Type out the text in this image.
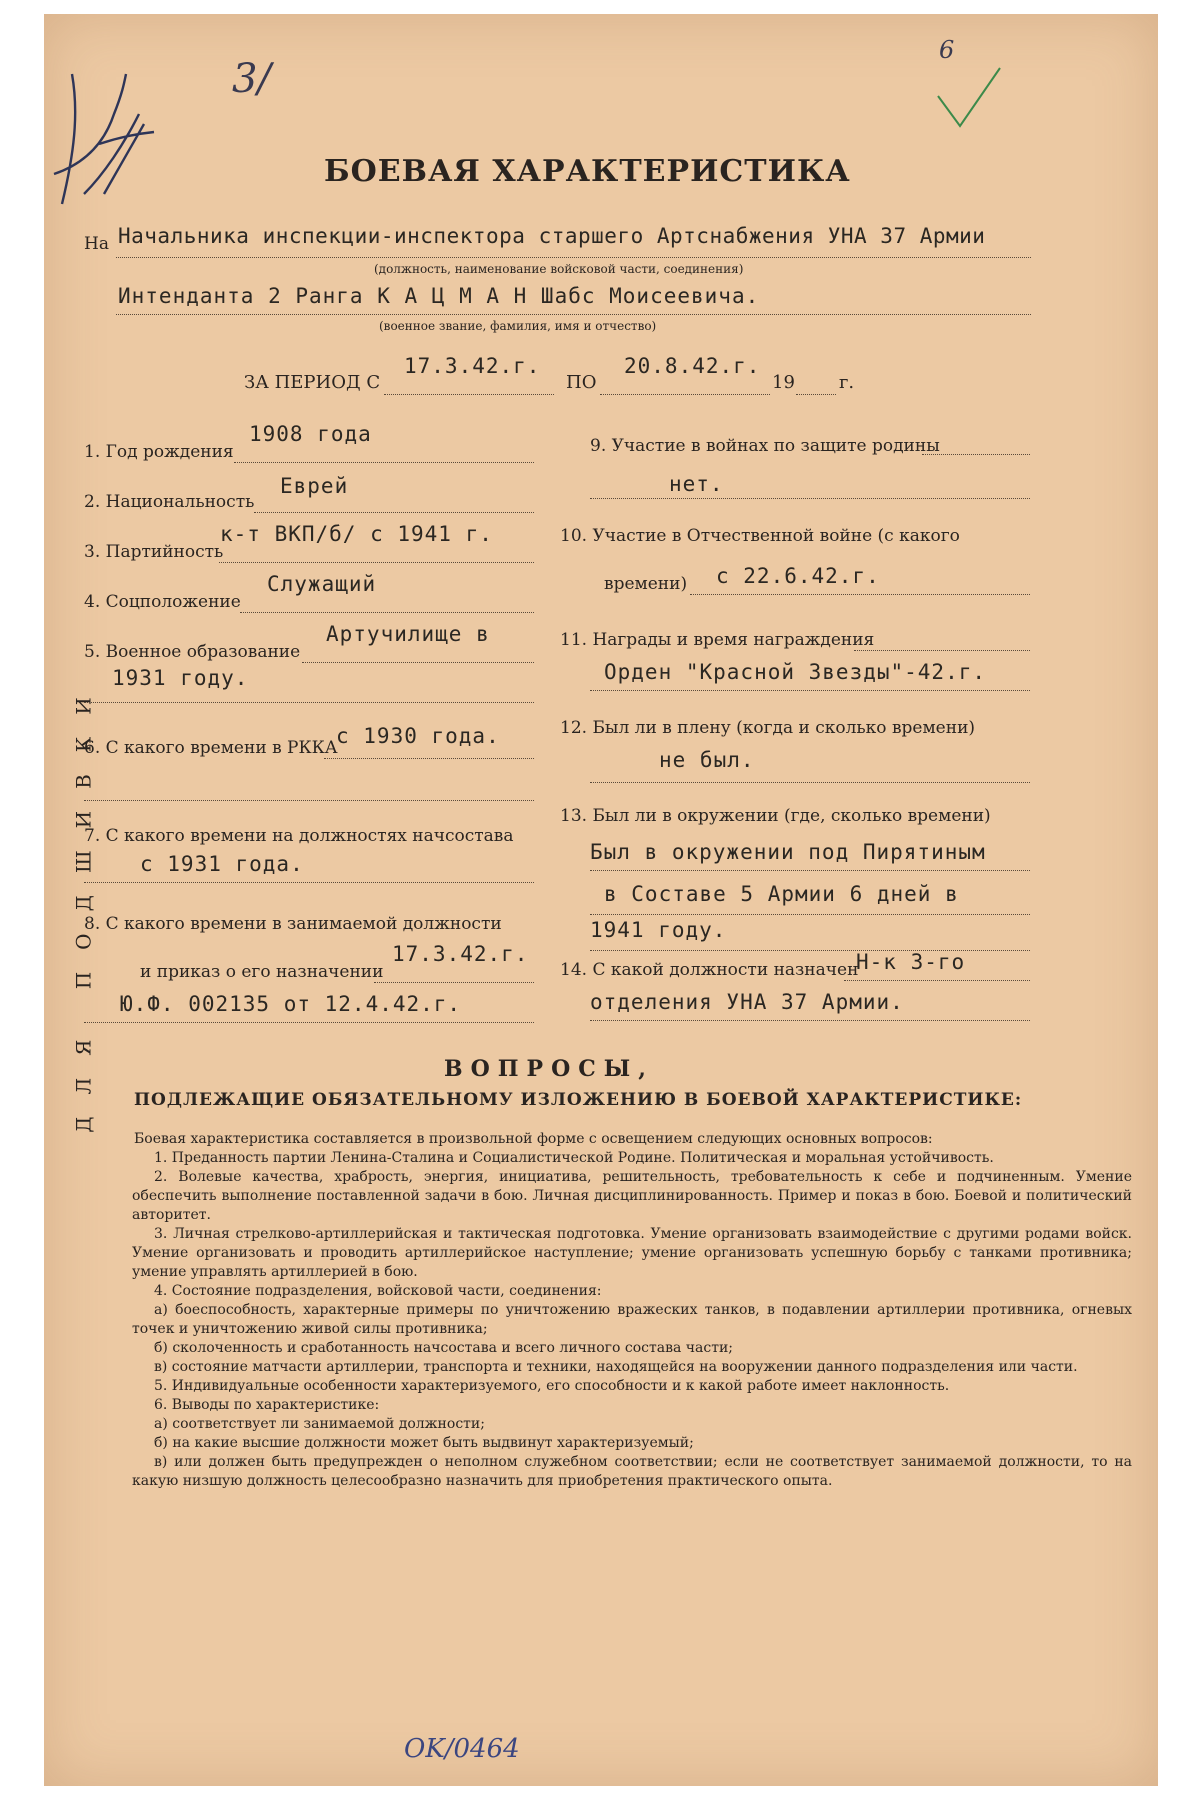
3/
6
БОЕВАЯ ХАРАКТЕРИСТИКА
На Начальника инспекции-инспектора старшего Артснабжения УНА 37 Армии
(должность, наименование войсковой части, соединения)
Интенданта 2 Ранга К А Ц М А Н Шабс Моисеевича.
(военное звание, фамилия, имя и отчество)
ЗА ПЕРИОД С
17.3.42.г.
ПО
20.8.42.г.
19 г.
ДЛЯ ПОДШИВКИ
1. Год рождения
1908 года
2. Национальность
Еврей
3. Партийность
к-т ВКП/б/ с 1941 г.
4. Соцположение
Служащий
5. Военное образование
Артучилище в
1931 году.
6. С какого времени в РККА
с 1930 года.
7. С какого времени на должностях начсостава
с 1931 года.
8. С какого времени в занимаемой должности
и приказ о его назначении
17.3.42.г.
Ю.Ф. 002135 от 12.4.42.г.
9. Участие в войнах по защите родины
нет.
10. Участие в Отчественной войне (с какого
времени) с 22.6.42.г.
11. Награды и время награждения
Орден "Красной Звезды"-42.г.
12. Был ли в плену (когда и сколько времени)
не был.
13. Был ли в окружении (где, сколько времени)
Был в окружении под Пирятиным
в Составе 5 Армии 6 дней в
1941 году.
14. С какой должности назначен
Н-к 3-го
отделения УНА 37 Армии.
ВОПРОСЫ,
ПОДЛЕЖАЩИЕ ОБЯЗАТЕЛЬНОМУ ИЗЛОЖЕНИЮ В БОЕВОЙ ХАРАКТЕРИСТИКЕ:
Боевая характеристика составляется в произвольной форме с освещением следующих основных вопросов:
1. Преданность партии Ленина-Сталина и Социалистической Родине. Политическая и моральная устойчивость.
2. Волевые качества, храбрость, энергия, инициатива, решительность, требовательность к себе и подчиненным. Умение обеспечить выполнение поставленной задачи в бою. Личная дисциплинированность. Пример и показ в бою. Боевой и политический авторитет.
3. Личная стрелково-артиллерийская и тактическая подготовка. Умение организовать взаимодействие с другими родами войск. Умение организовать и проводить артиллерийское наступление; умение организовать успешную борьбу с танками противника; умение управлять артиллерией в бою.
4. Состояние подразделения, войсковой части, соединения:
а) боеспособность, характерные примеры по уничтожению вражеских танков, в подавлении артиллерии противника, огневых точек и уничтожению живой силы противника;
б) сколоченность и сработанность начсостава и всего личного состава части;
в) состояние матчасти артиллерии, транспорта и техники, находящейся на вооружении данного подразделения или части.
5. Индивидуальные особенности характеризуемого, его способности и к какой работе имеет наклонность.
6. Выводы по характеристике:
а) соответствует ли занимаемой должности;
б) на какие высшие должности может быть выдвинут характеризуемый;
в) или должен быть предупрежден о неполном служебном соответствии; если не соответствует занимаемой должности, то на какую низшую должность целесообразно назначить для приобретения практического опыта.
OK/0464
